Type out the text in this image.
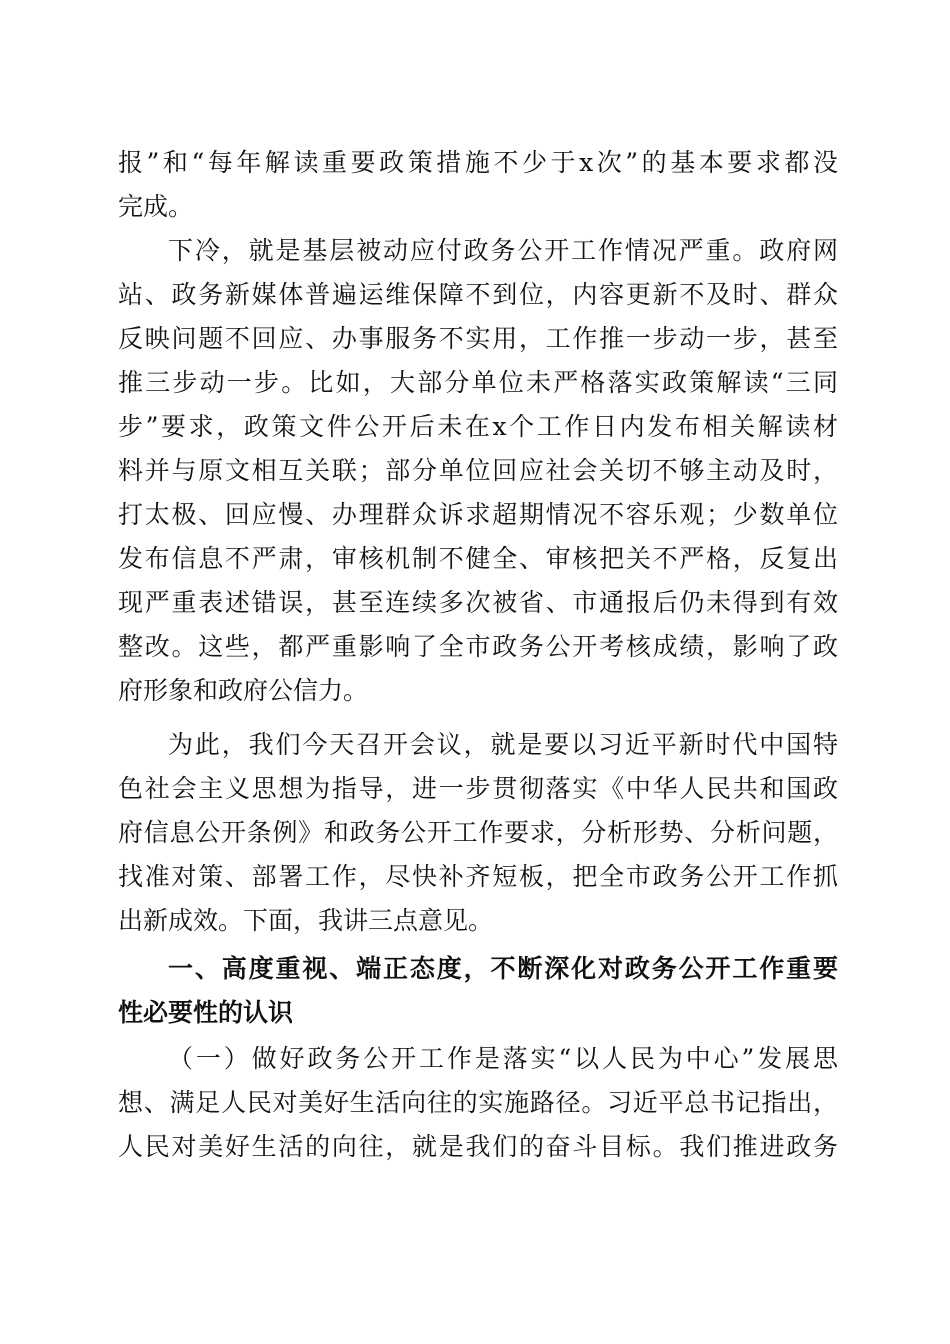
报”和“每年解读重要政策措施不少于x次”的基本要求都没
完成。
下冷，就是基层被动应付政务公开工作情况严重。政府网
站、政务新媒体普遍运维保障不到位，内容更新不及时、群众
反映问题不回应、办事服务不实用，工作推一步动一步，甚至
推三步动一步。比如，大部分单位未严格落实政策解读“三同
步”要求，政策文件公开后未在x个工作日内发布相关解读材
料并与原文相互关联；部分单位回应社会关切不够主动及时，
打太极、回应慢、办理群众诉求超期情况不容乐观；少数单位
发布信息不严肃，审核机制不健全、审核把关不严格，反复出
现严重表述错误，甚至连续多次被省、市通报后仍未得到有效
整改。这些，都严重影响了全市政务公开考核成绩，影响了政
府形象和政府公信力。
为此，我们今天召开会议，就是要以习近平新时代中国特
色社会主义思想为指导，进一步贯彻落实《中华人民共和国政
府信息公开条例》和政务公开工作要求，分析形势、分析问题，
找准对策、部署工作，尽快补齐短板，把全市政务公开工作抓
出新成效。下面，我讲三点意见。
一、高度重视、端正态度，不断深化对政务公开工作重要
性必要性的认识
（一）做好政务公开工作是落实“以人民为中心”发展思
想、满足人民对美好生活向往的实施路径。习近平总书记指出，
人民对美好生活的向往，就是我们的奋斗目标。我们推进政务
